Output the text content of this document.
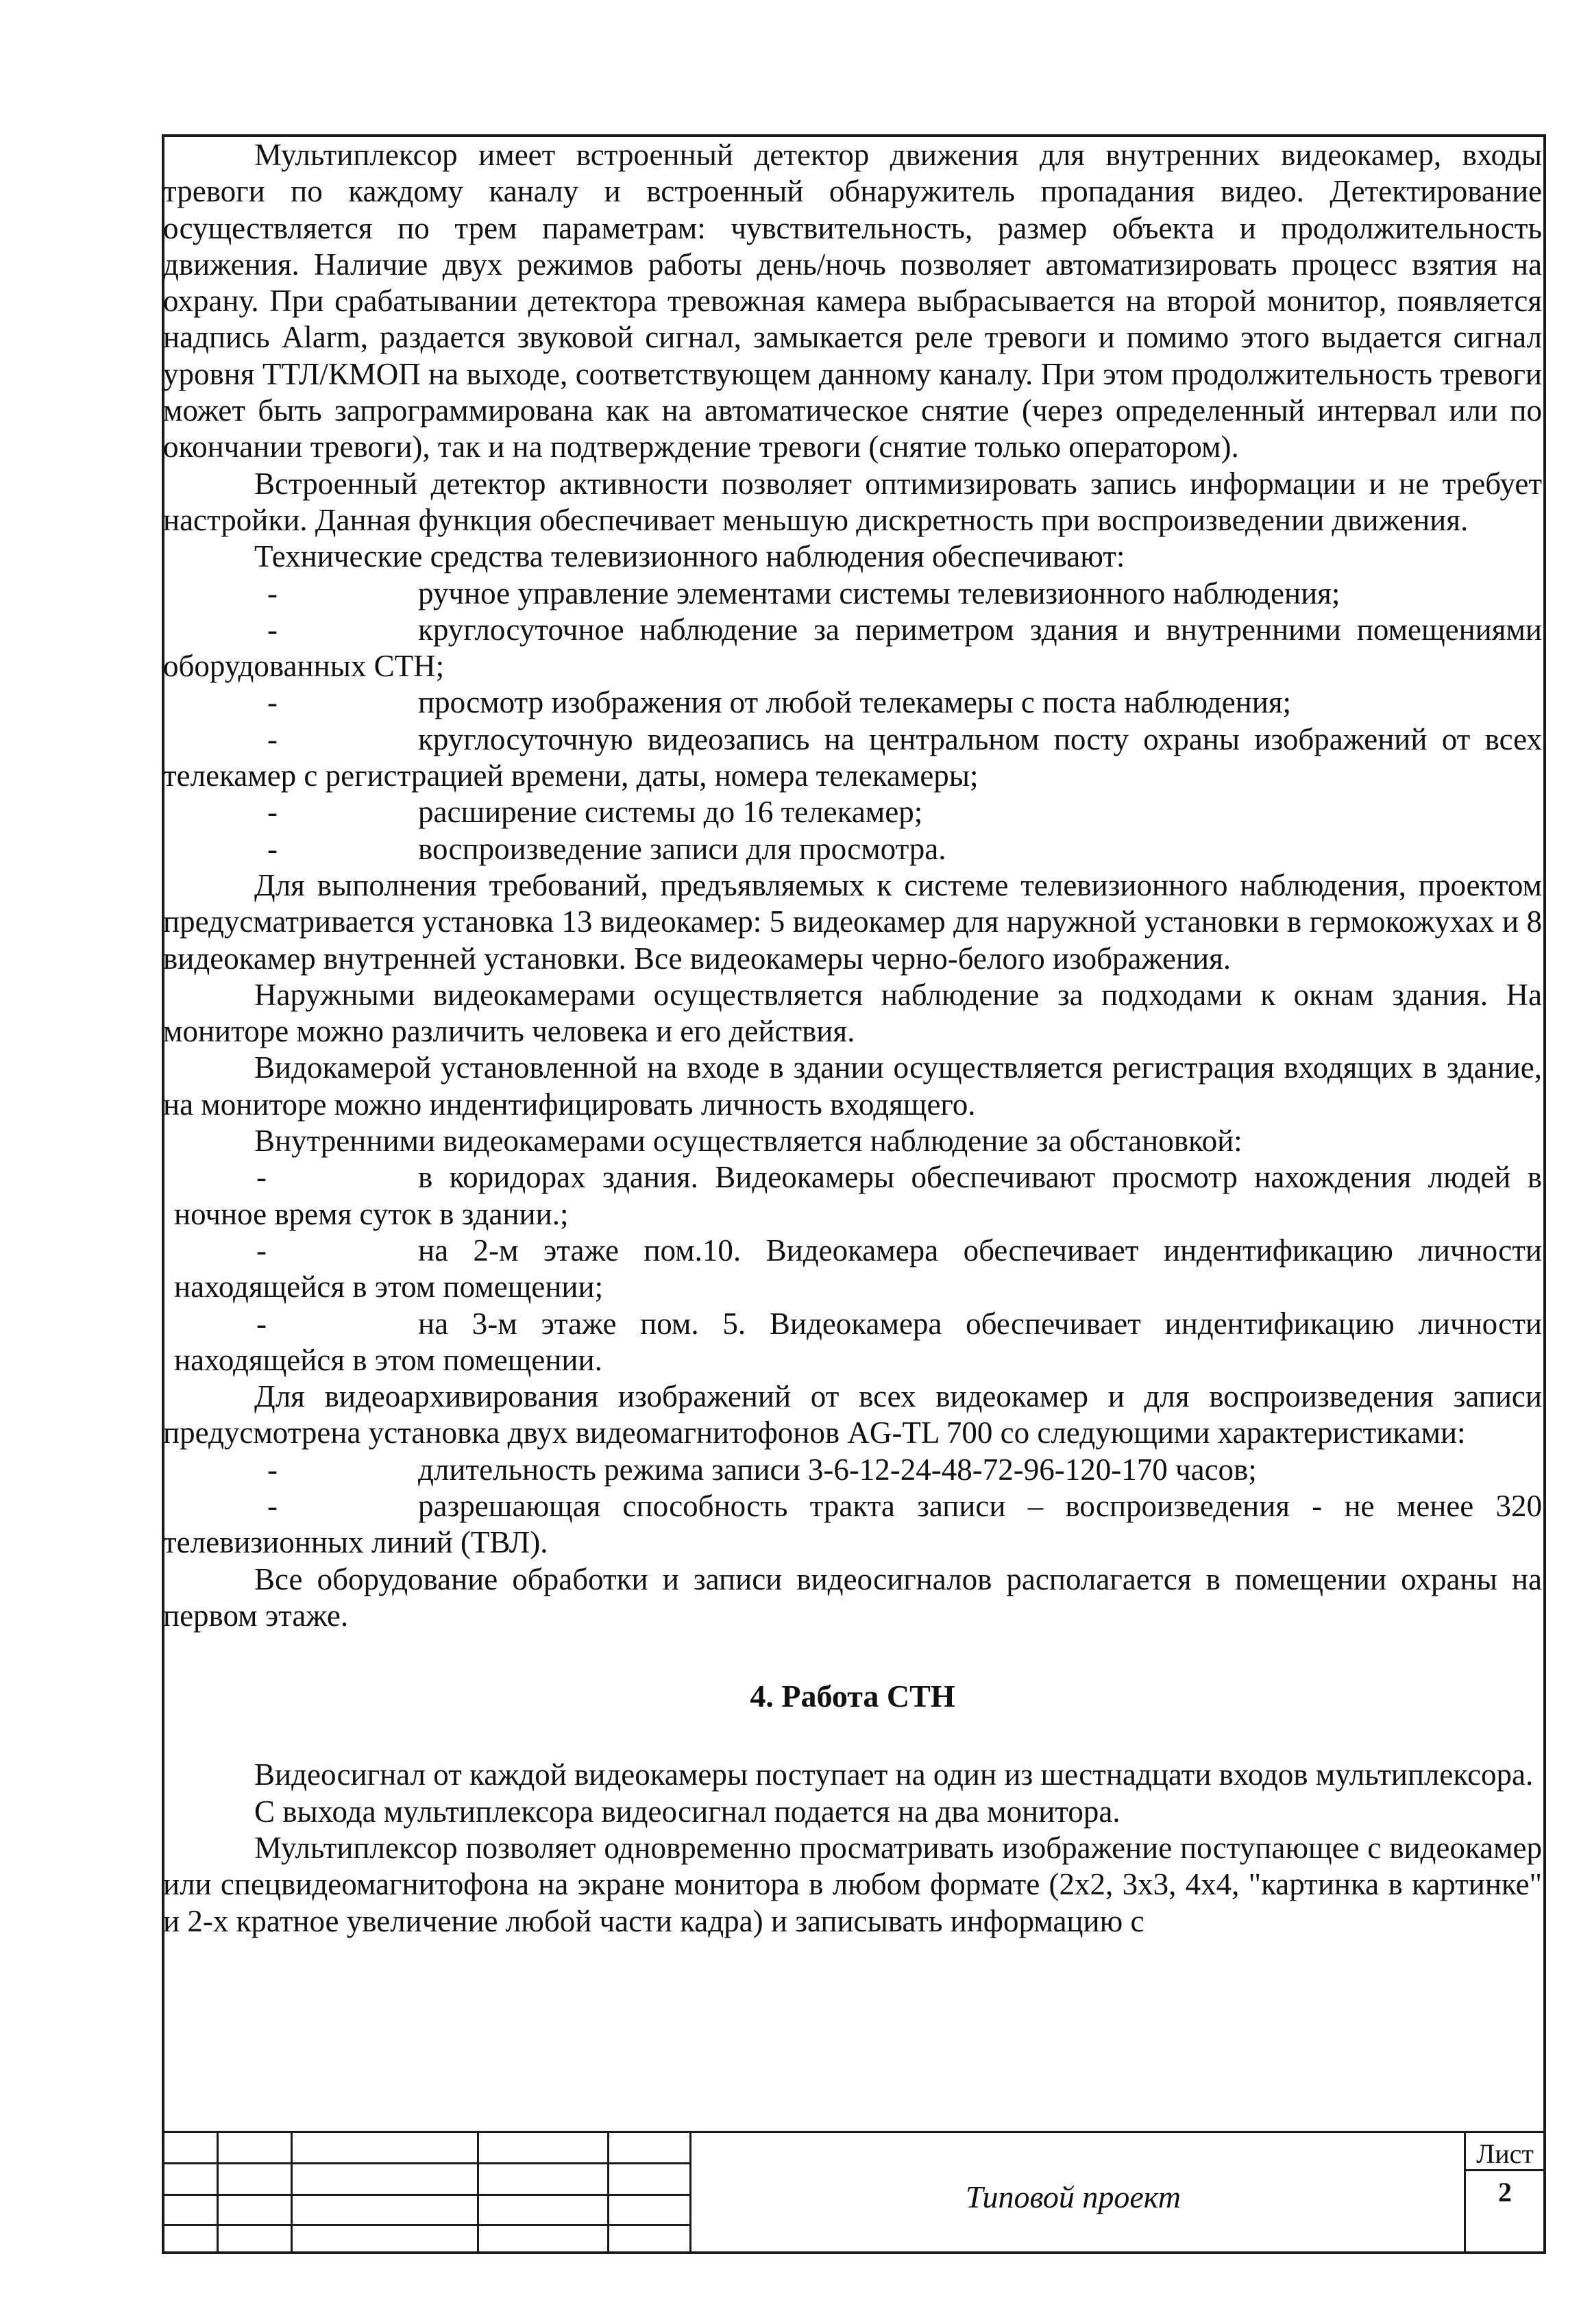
Мультиплексор имеет встроенный детектор движения для внутренних видеокамер, входы тревоги по каждому каналу и встроенный обнаружитель пропадания видео. Детектирование осуществляется по трем параметрам: чувствительность, размер объекта и продолжительность движения. Наличие двух режимов работы день/ночь позволяет автоматизировать процесс взятия на охрану. При срабатывании детектора тревожная камера выбрасывается на второй монитор, появляется надпись Alarm, раздается звуковой сигнал, замыкается реле тревоги и помимо этого выдается сигнал уровня ТТЛ/КМОП на выходе, соответствующем данному каналу. При этом продолжительность тревоги может быть запрограммирована как на автоматическое снятие (через определенный интервал или по окончании тревоги), так и на подтверждение тревоги (снятие только оператором).

Встроенный детектор активности позволяет оптимизировать запись информации и не требует настройки. Данная функция обеспечивает меньшую дискретность при воспроизведении движения.

Технические средства телевизионного наблюдения обеспечивают:

-	ручное управление элементами системы телевизионного наблюдения;
-	круглосуточное наблюдение за периметром здания и внутренними помещениями оборудованных СТН;
-	просмотр изображения от любой телекамеры с поста наблюдения;
-	круглосуточную видеозапись на центральном посту охраны изображений от всех телекамер с регистрацией времени, даты, номера телекамеры;
-	расширение системы до 16 телекамер;
-	воспроизведение записи для просмотра.

Для выполнения требований, предъявляемых к системе телевизионного наблюдения, проектом предусматривается установка 13 видеокамер: 5 видеокамер для наружной установки в гермокожухах и 8 видеокамер внутренней установки. Все видеокамеры черно-белого изображения.

Наружными видеокамерами осуществляется наблюдение за подходами к окнам здания. На мониторе можно различить человека и его действия.

Видокамерой установленной на входе в здании осуществляется регистрация входящих в здание, на мониторе можно индентифицировать личность входящего.

Внутренними видеокамерами осуществляется наблюдение за обстановкой:

-	в коридорах здания. Видеокамеры обеспечивают просмотр нахождения людей в ночное время суток в здании.;
-	на 2-м этаже пом.10. Видеокамера обеспечивает индентификацию личности находящейся в этом помещении;
-	на 3-м этаже пом. 5. Видеокамера обеспечивает индентификацию личности находящейся в этом помещении.

Для видеоархивирования изображений от всех видеокамер и для воспроизведения записи предусмотрена установка двух видеомагнитофонов AG-TL 700 со следующими характеристиками:

-	длительность режима записи 3-6-12-24-48-72-96-120-170 часов;
-	разрешающая способность тракта записи – воспроизведения - не менее 320 телевизионных линий (ТВЛ).

Все оборудование обработки и записи видеосигналов располагается в помещении охраны на первом этаже.

4. Работа СТН

Видеосигнал от каждой видеокамеры поступает на один из шестнадцати входов мультиплексора.

С выхода мультиплексора видеосигнал подается на два монитора.

Мультиплексор позволяет одновременно просматривать изображение поступающее с видеокамер или спецвидеомагнитофона на экране монитора в любом формате (2х2, 3х3, 4х4, "картинка в картинке" и 2-х кратное увеличение любой части кадра) и записывать информацию с

Типовой проект
Лист
2
